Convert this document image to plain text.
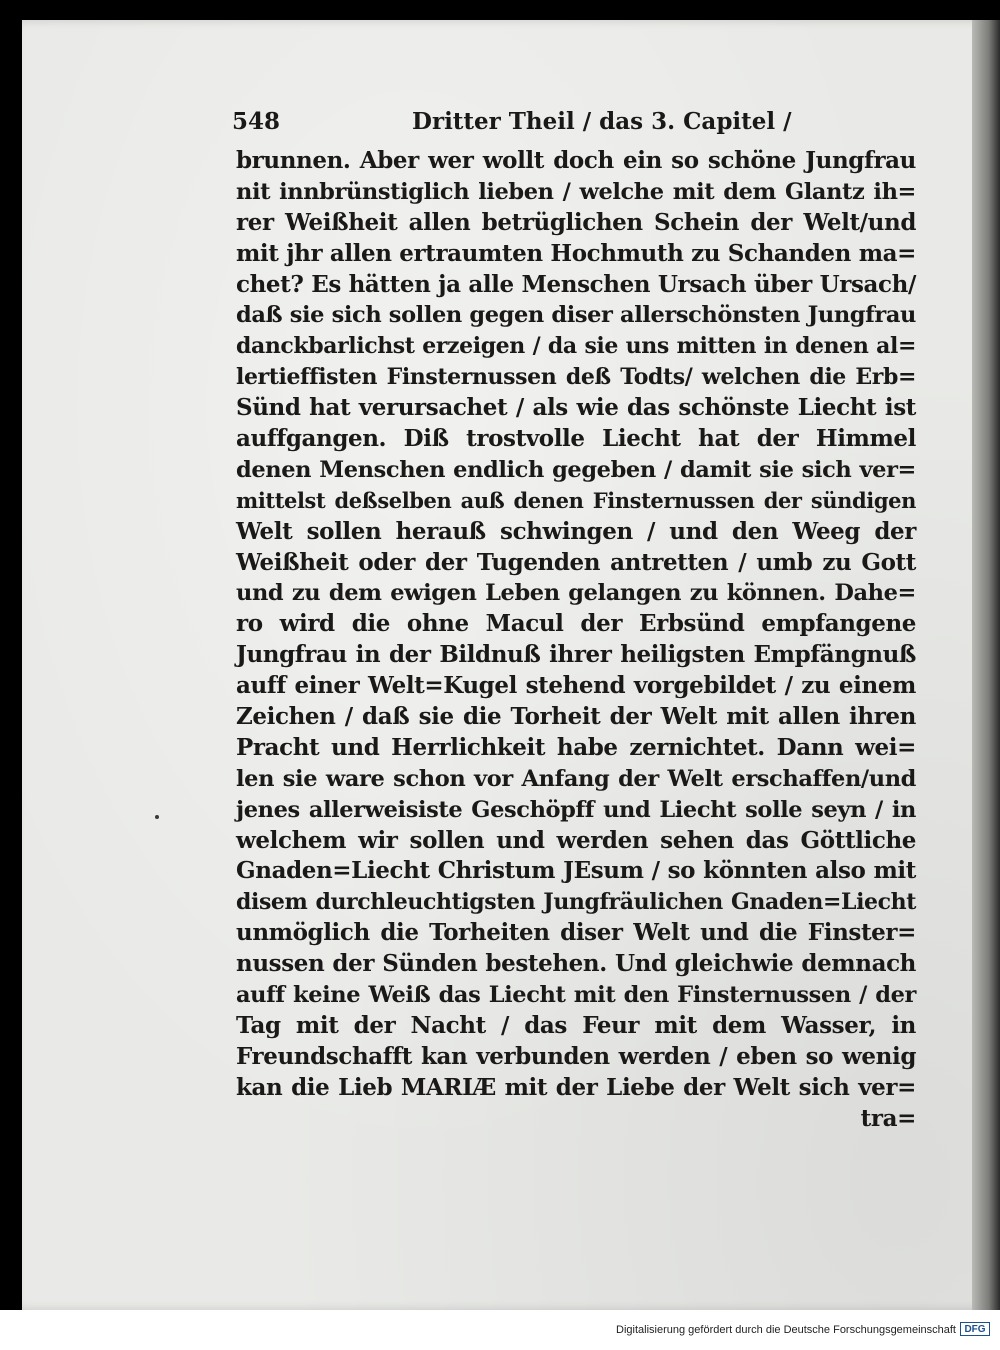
548	Dritter Theil / das 3. Capitel /
brunnen. Aber wer wollt doch ein so schöne Jungfrau
nit innbrünstiglich lieben / welche mit dem Glantz ih=
rer Weißheit allen betrüglichen Schein der Welt/und
mit jhr allen ertraumten Hochmuth zu Schanden ma=
chet? Es hätten ja alle Menschen Ursach über Ursach/
daß sie sich sollen gegen diser allerschönsten Jungfrau
danckbarlichst erzeigen / da sie uns mitten in denen al=
lertieffisten Finsternussen deß Todts/ welchen die Erb=
Sünd hat verursachet / als wie das schönste Liecht ist
auffgangen. Diß trostvolle Liecht hat der Himmel
denen Menschen endlich gegeben / damit sie sich ver=
mittelst deßselben auß denen Finsternussen der sündigen
Welt sollen herauß schwingen / und den Weeg der
Weißheit oder der Tugenden antretten / umb zu Gott
und zu dem ewigen Leben gelangen zu können. Dahe=
ro wird die ohne Macul der Erbsünd empfangene
Jungfrau in der Bildnuß ihrer heiligsten Empfängnuß
auff einer Welt=Kugel stehend vorgebildet / zu einem
Zeichen / daß sie die Torheit der Welt mit allen ihren
Pracht und Herrlichkeit habe zernichtet. Dann wei=
len sie ware schon vor Anfang der Welt erschaffen/und
jenes allerweisiste Geschöpff und Liecht solle seyn / in
welchem wir sollen und werden sehen das Göttliche
Gnaden=Liecht Christum JEsum / so könnten also mit
disem durchleuchtigsten Jungfräulichen Gnaden=Liecht
unmöglich die Torheiten diser Welt und die Finster=
nussen der Sünden bestehen. Und gleichwie demnach
auff keine Weiß das Liecht mit den Finsternussen / der
Tag mit der Nacht / das Feur mit dem Wasser, in
Freundschafft kan verbunden werden / eben so wenig
kan die Lieb MARIÆ mit der Liebe der Welt sich ver=
tra=
Digitalisierung gefördert durch die Deutsche Forschungsgemeinschaft DFG
